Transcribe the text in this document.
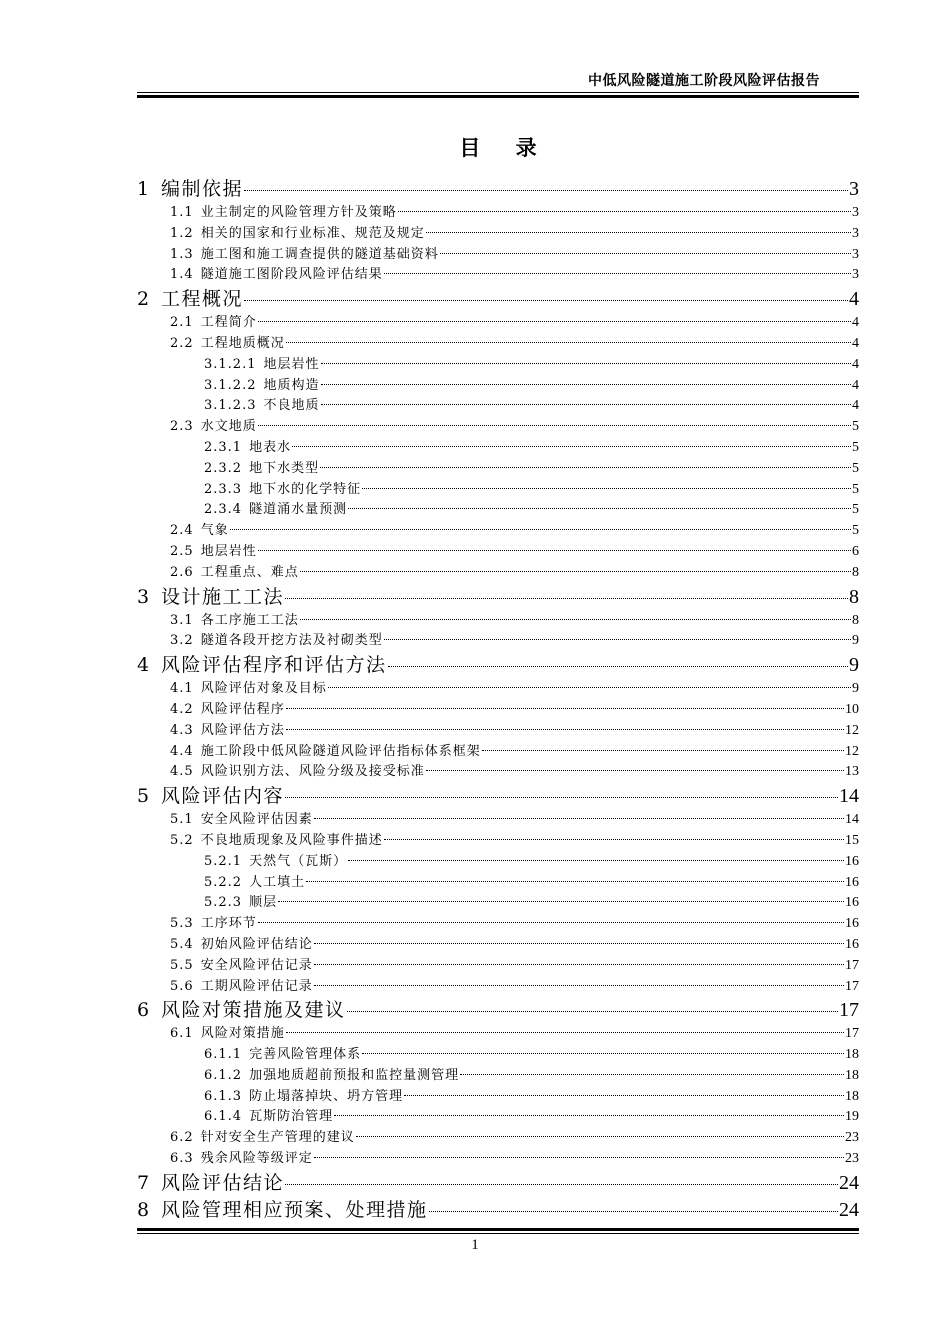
中低风险隧道施工阶段风险评估报告
目 录
1 编制依据	3
1.1 业主制定的风险管理方针及策略	3
1.2 相关的国家和行业标准、规范及规定	3
1.3 施工图和施工调查提供的隧道基础资料	3
1.4 隧道施工图阶段风险评估结果	3
2 工程概况	4
2.1 工程简介	4
2.2 工程地质概况	4
3.1.2.1 地层岩性	4
3.1.2.2 地质构造	4
3.1.2.3 不良地质	4
2.3 水文地质	5
2.3.1 地表水	5
2.3.2 地下水类型	5
2.3.3 地下水的化学特征	5
2.3.4 隧道涌水量预测	5
2.4 气象	5
2.5 地层岩性	6
2.6 工程重点、难点	8
3 设计施工工法	8
3.1 各工序施工工法	8
3.2 隧道各段开挖方法及衬砌类型	9
4 风险评估程序和评估方法	9
4.1 风险评估对象及目标	9
4.2 风险评估程序	10
4.3 风险评估方法	12
4.4 施工阶段中低风险隧道风险评估指标体系框架	12
4.5 风险识别方法、风险分级及接受标准	13
5 风险评估内容	14
5.1 安全风险评估因素	14
5.2 不良地质现象及风险事件描述	15
5.2.1 天然气（瓦斯）	16
5.2.2 人工填土	16
5.2.3 顺层	16
5.3 工序环节	16
5.4 初始风险评估结论	16
5.5 安全风险评估记录	17
5.6 工期风险评估记录	17
6 风险对策措施及建议	17
6.1 风险对策措施	17
6.1.1 完善风险管理体系	18
6.1.2 加强地质超前预报和监控量测管理	18
6.1.3 防止塌落掉块、坍方管理	18
6.1.4 瓦斯防治管理	19
6.2 针对安全生产管理的建议	23
6.3 残余风险等级评定	23
7 风险评估结论	24
8 风险管理相应预案、处理措施	24
1
